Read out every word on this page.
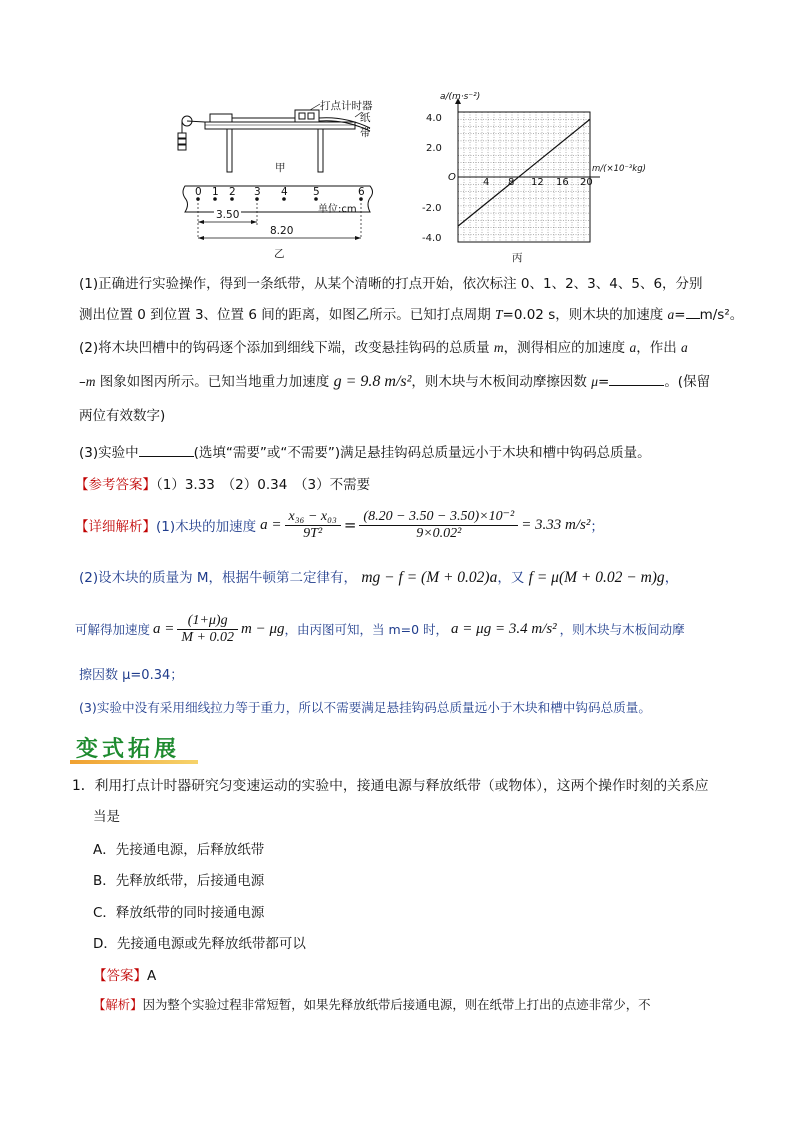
打点计时器
纸带
甲
0 1 2 3 4 5	6
单位:cm
3.50
8.20
乙
a/(m·s⁻²)
m/(×10⁻³kg)
O
4.0
2.0
-2.0
-4.0
4 8 12 16 20
丙
(1)正确进行实验操作，得到一条纸带，从某个清晰的打点开始，依次标注 0、1、2、3、4、5、6，分别
测出位置 0 到位置 3、位置 6 间的距离，如图乙所示。已知打点周期 T=0.02 s，则木块的加速度 a= m/s²。
(2)将木块凹槽中的钩码逐个添加到细线下端，改变悬挂钩码的总质量 m，测得相应的加速度 a，作出 a
–m 图象如图丙所示。已知当地重力加速度 g = 9.8 m/s²，则木块与木板间动摩擦因数 μ=	。(保留
两位有效数字)
(3)实验中	(选填“需要”或“不需要”)满足悬挂钩码总质量远小于木块和槽中钩码总质量。
【参考答案】（1）3.33　（2）0.34　（3）不需要
【详细解析】 (1)木块的加速度 $a = \frac{\text{x₃₆ − x₀₃}}{\text{9T²}} = \frac{\text{(8.20 − 3.50 − 3.50)×10⁻²}}{\text{9×0.02²}} = 3.33$ m/s² ；
(2)设木块的质量为 M，根据牛顿第二定律有， mg − f = (M + 0.02)a，又 f = μ(M + 0.02 − m)g，
可解得加速度 $a = \frac{(1+\mu)g}{M + 0.02}$ m − μg ，由丙图可知，当 m=0 时， a = μg = 3.4 m/s² ，则木块与木板间动摩
擦因数 μ=0.34；
(3)实验中没有采用细线拉力等于重力，所以不需要满足悬挂钩码总质量远小于木块和槽中钩码总质量。
变式拓展
1．利用打点计时器研究匀变速运动的实验中，接通电源与释放纸带（或物体），这两个操作时刻的关系应
当是
A．先接通电源，后释放纸带
B．先释放纸带，后接通电源
C．释放纸带的同时接通电源
D．先接通电源或先释放纸带都可以
【答案】A
【解析】因为整个实验过程非常短暂，如果先释放纸带后接通电源，则在纸带上打出的点迹非常少，不
